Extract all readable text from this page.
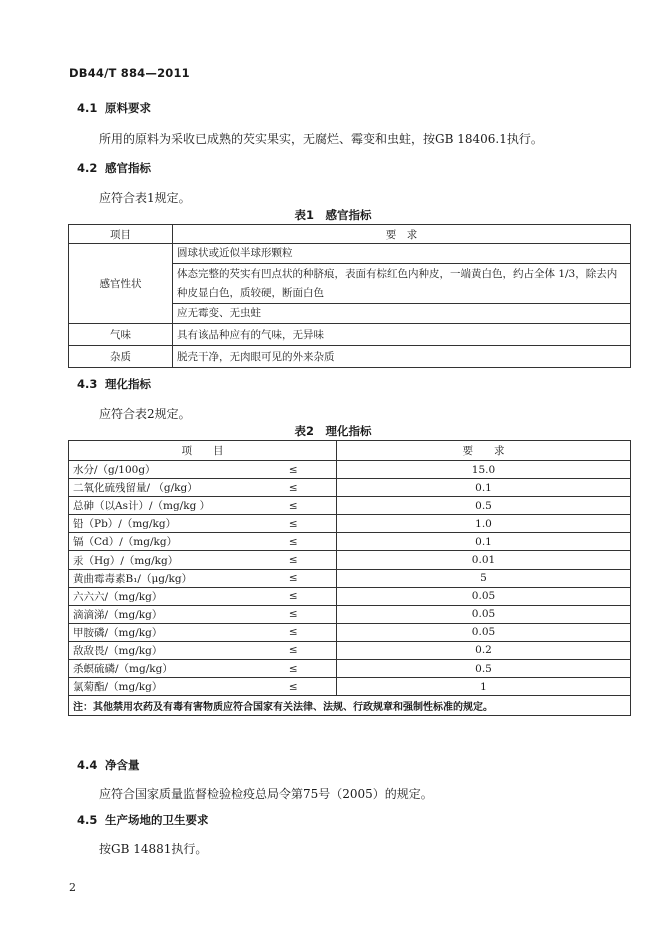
DB44/T 884—2011
4.1 原料要求
所用的原料为采收已成熟的芡实果实，无腐烂、霉变和虫蛀，按GB 18406.1执行。
4.2 感官指标
应符合表1规定。
表1　感官指标
项目	要　求
感官性状	圆球状或近似半球形颗粒

	体态完整的芡实有凹点状的种脐痕，表面有棕红色内种皮，一端黄白色，约占全体 1/3，除去内
种皮显白色，质较硬，断面白色

	应无霉变、无虫蛀
气味	具有该品种应有的气味，无异味
杂质	脱壳干净，无肉眼可见的外来杂质
4.3 理化指标
应符合表2规定。
表2　理化指标
项　　目		要　　求
水分/（g/100g）	≤	15.0
二氧化硫残留量/ （g/kg）	≤	0.1
总砷（以As计）/（mg/kg ）	≤	0.5
铅（Pb）/（mg/kg）	≤	1.0
镉（Cd）/（mg/kg）	≤	0.1
汞（Hg）/（mg/kg）	≤	0.01
黄曲霉毒素B₁/（μg/kg）	≤	5
六六六/（mg/kg）	≤	0.05
滴滴涕/（mg/kg）	≤	0.05
甲胺磷/（mg/kg）	≤	0.05
敌敌畏/（mg/kg）	≤	0.2
杀螟硫磷/（mg/kg）	≤	0.5
氯菊酯/（mg/kg）	≤	1
注：其他禁用农药及有毒有害物质应符合国家有关法律、法规、行政规章和强制性标准的规定。		
4.4 净含量
应符合国家质量监督检验检疫总局令第75号（2005）的规定。
4.5 生产场地的卫生要求
按GB 14881执行。
2
